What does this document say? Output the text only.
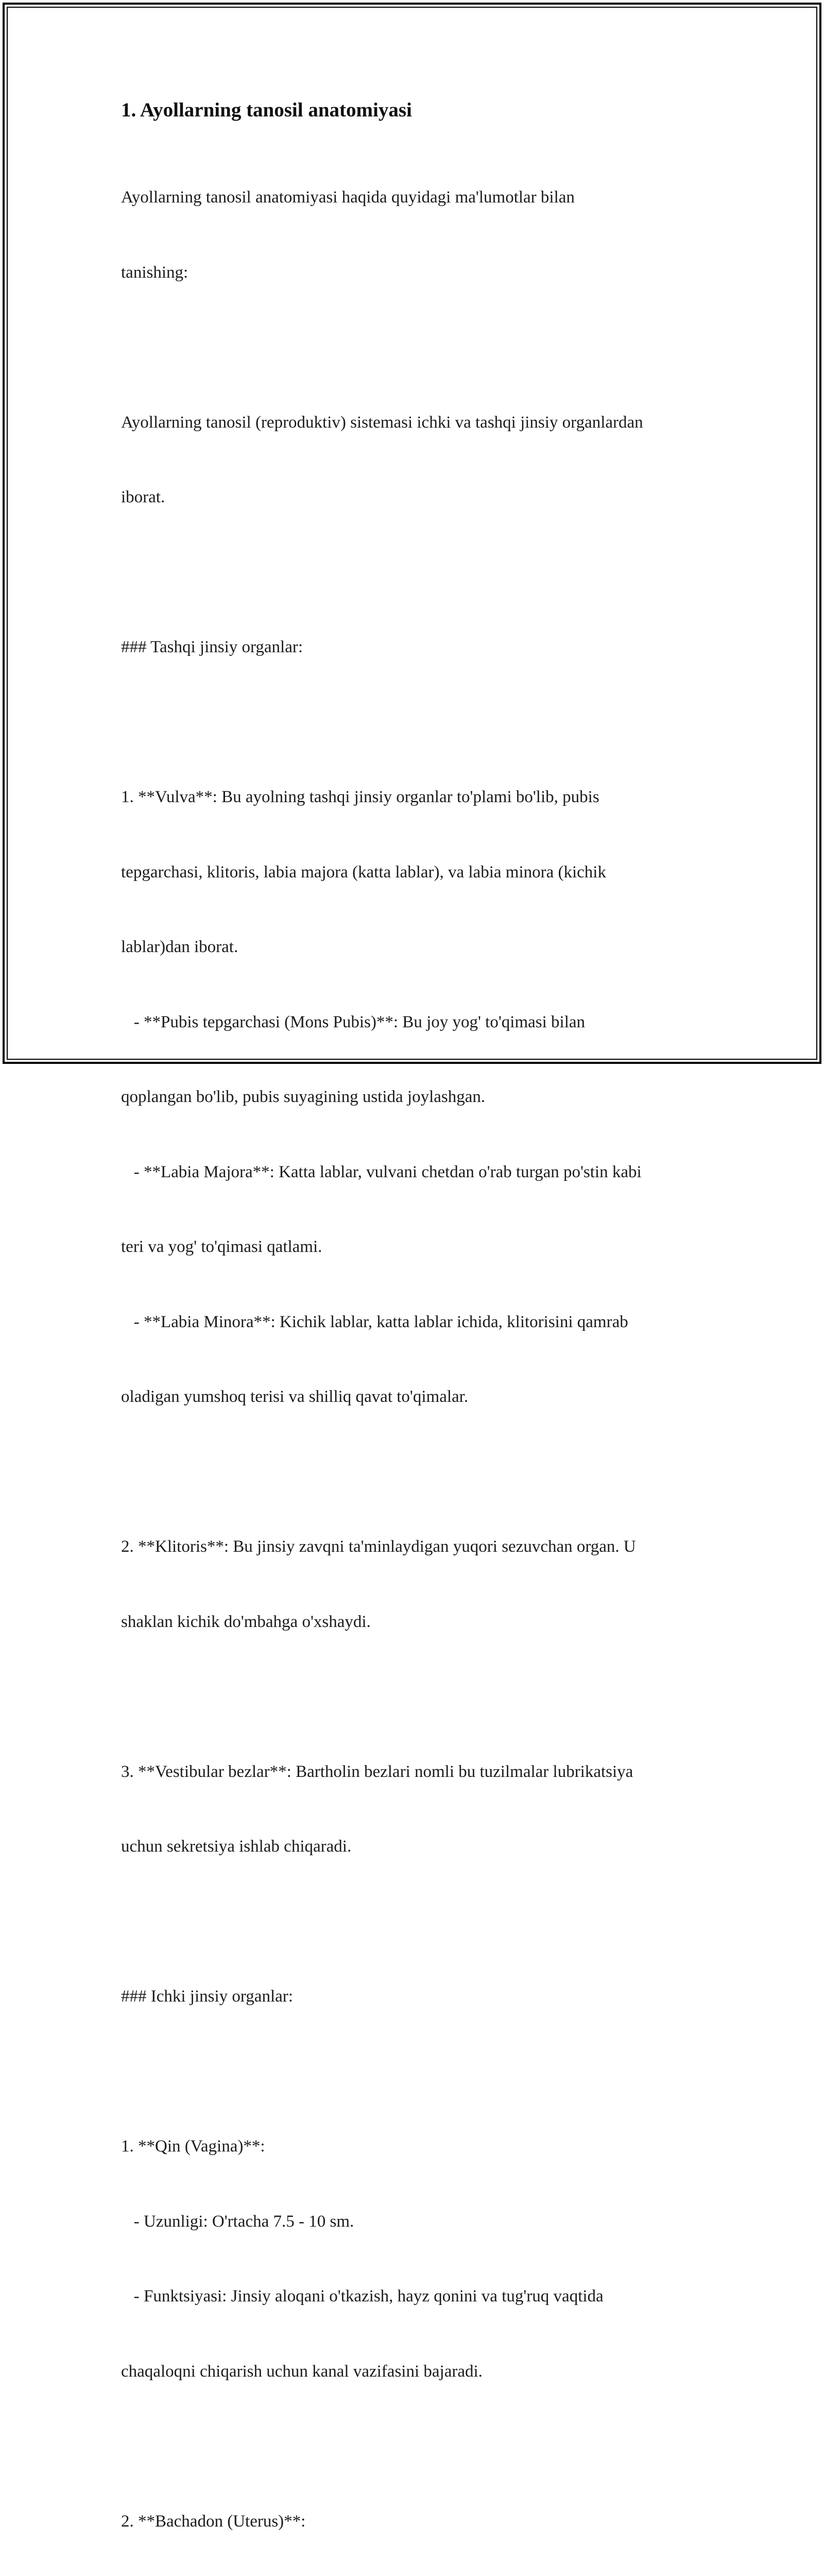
1. Ayollarning tanosil anatomiyasi

Ayollarning tanosil anatomiyasi haqida quyidagi ma'lumotlar bilan

tanishing:

Ayollarning tanosil (reproduktiv) sistemasi ichki va tashqi jinsiy organlardan

iborat.

### Tashqi jinsiy organlar:

1. **Vulva**: Bu ayolning tashqi jinsiy organlar to'plami bo'lib, pubis

tepgarchasi, klitoris, labia majora (katta lablar), va labia minora (kichik

lablar)dan iborat.

- **Pubis tepgarchasi (Mons Pubis)**: Bu joy yog' to'qimasi bilan

qoplangan bo'lib, pubis suyagining ustida joylashgan.

- **Labia Majora**: Katta lablar, vulvani chetdan o'rab turgan po'stin kabi

teri va yog' to'qimasi qatlami.

- **Labia Minora**: Kichik lablar, katta lablar ichida, klitorisini qamrab

oladigan yumshoq terisi va shilliq qavat to'qimalar.

2. **Klitoris**: Bu jinsiy zavqni ta'minlaydigan yuqori sezuvchan organ. U

shaklan kichik do'mbahga o'xshaydi.

3. **Vestibular bezlar**: Bartholin bezlari nomli bu tuzilmalar lubrikatsiya

uchun sekretsiya ishlab chiqaradi.

### Ichki jinsiy organlar:

1. **Qin (Vagina)**:

- Uzunligi: O'rtacha 7.5 - 10 sm.

- Funktsiyasi: Jinsiy aloqani o'tkazish, hayz qonini va tug'ruq vaqtida

chaqaloqni chiqarish uchun kanal vazifasini bajaradi.

2. **Bachadon (Uterus)**:
